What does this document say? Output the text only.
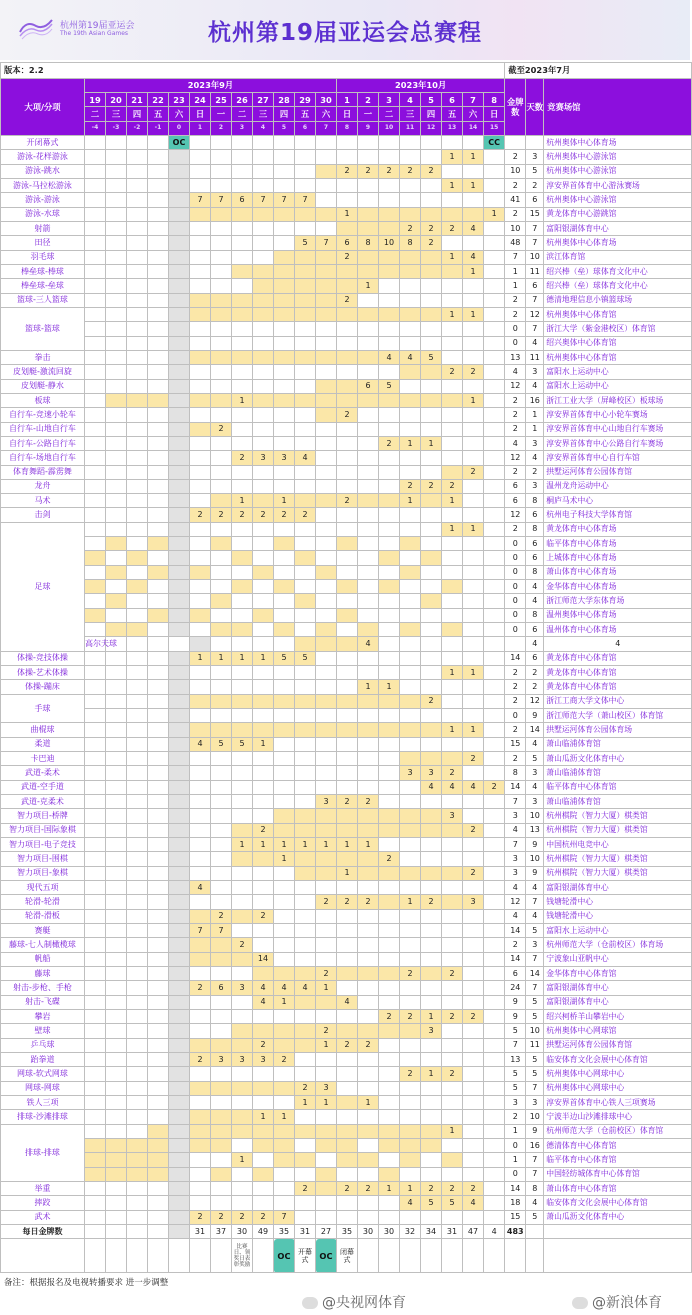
杭州第19届亚运会
The 19th Asian Games	杭州第19届亚运会总赛程
版本：2.2																					截至2023年7月			
大项/分项	2023年9月												2023年10月								金牌数	天数	竞赛场馆	
	19	20	21	22	23	24	25	26	27	28	29	30	1	2	3	4	5	6	7	8				
	二	三	四	五	六	日	一	二	三	四	五	六	日	一	二	三	四	五	六	日				
	-4	-3	-2	-1	0	1	2	3	4	5	6	7	8	9	10	11	12	13	14	15				
开闭幕式					OC															CC			杭州奥体中心体育场	
游泳-花样游泳																		1	1		2	3	杭州奥体中心游泳馆	
游泳-跳水													2	2	2	2	2				10	5	杭州奥体中心游泳馆	
游泳-马拉松游泳																		1	1		2	2	淳安界首体育中心游泳赛场	
游泳-游泳						7	7	6	7	7	7										41	6	杭州奥体中心游泳馆	
游泳-水球													1							1	2	15	黄龙体育中心游跳馆	
射箭																2	2	2	4		10	7	富阳银湖体育中心	
田径											5	7	6	8	10	8	2				48	7	杭州奥体中心体育场	
羽毛球													2					1	4		7	10	滨江体育馆	
棒垒球-棒球																			1		1	11	绍兴棒（垒）球体育文化中心	
棒垒球-垒球														1							1	6	绍兴棒（垒）球体育文化中心	
篮球-三人篮球													2								2	7	德清地理信息小镇篮球场	
篮球-篮球																		1	1		2	12	杭州奥体中心体育馆	
																					0	7	浙江大学（紫金港校区）体育馆	
																					0	4	绍兴奥体中心体育馆	
拳击															4	4	5				13	11	杭州奥体中心体育馆	
皮划艇-激流回旋																		2	2		4	3	富阳水上运动中心	
皮划艇-静水														6	5						12	4	富阳水上运动中心	
板球								1											1		2	16	浙江工业大学（屏峰校区）板球场	
自行车-竞速小轮车													2								2	1	淳安界首体育中心小轮车赛场	
自行车-山地自行车							2														2	1	淳安界首体育中心山地自行车赛场	
自行车-公路自行车															2	1	1				4	3	淳安界首体育中心公路自行车赛场	
自行车-场地自行车								2	3	3	4										12	4	淳安界首体育中心自行车馆	
体育舞蹈-霹雳舞																			2		2	2	拱墅运河体育公园体育馆	
龙舟																2	2	2			6	3	温州龙舟运动中心	
马术								1		1			2			1		1			6	8	桐庐马术中心	
击剑						2	2	2	2	2	2										12	6	杭州电子科技大学体育馆	
足球																		1	1		2	8	黄龙体育中心体育场	
																					0	6	临平体育中心体育场	
																					0	6	上城体育中心体育场	
																					0	8	萧山体育中心体育场	
																					0	4	金华体育中心体育场	
																					0	4	浙江师范大学东体育场	
																					0	8	温州奥体中心体育场	
																					0	6	温州体育中心体育场	
	高尔夫球													4								4	4	
体操-竞技体操						1	1	1	1	5	5										14	6	黄龙体育中心体育馆	
体操-艺术体操																		1	1		2	2	黄龙体育中心体育馆	
体操-蹦床														1	1						2	2	黄龙体育中心体育馆	
手球																	2				2	12	浙江工商大学文体中心	
																					0	9	浙江师范大学（萧山校区）体育馆	
曲棍球																		1	1		2	14	拱墅运河体育公园体育场	
柔道						4	5	5	1												15	4	萧山临浦体育馆	
卡巴迪																			2		2	5	萧山瓜沥文化体育中心	
武道-柔术																3	3	2			8	3	萧山临浦体育馆	
武道-空手道																	4	4	4	2	14	4	临平体育中心体育馆	
武道-克柔术												3	2	2							7	3	萧山临浦体育馆	
智力项目-桥牌																		3			3	10	杭州棋院（智力大厦）棋类馆	
智力项目-国际象棋									2										2		4	13	杭州棋院（智力大厦）棋类馆	
智力项目-电子竞技								1	1	1	1	1	1	1							7	9	中国杭州电竞中心	
智力项目-围棋										1					2						3	10	杭州棋院（智力大厦）棋类馆	
智力项目-象棋													1						2		3	9	杭州棋院（智力大厦）棋类馆	
现代五项						4															4	4	富阳银湖体育中心	
轮滑-轮滑												2	2	2		1	2		3		12	7	钱塘轮滑中心	
轮滑-滑板							2		2												4	4	钱塘轮滑中心	
赛艇						7	7														14	5	富阳水上运动中心	
藤球-七人制橄榄球								2													2	3	杭州师范大学（仓前校区）体育场	
帆船									14												14	7	宁波象山亚帆中心	
藤球												2				2		2			6	14	金华体育中心体育馆	
射击-步枪、手枪						2	6	3	4	4	4	1									24	7	富阳银湖体育中心	
射击-飞碟									4	1			4								9	5	富阳银湖体育中心	
攀岩															2	2	1	2	2		9	5	绍兴柯桥羊山攀岩中心	
壁球												2					3				5	10	杭州奥体中心网球馆	
乒乓球									2			1	2	2							7	11	拱墅运河体育公园体育馆	
跆拳道						2	3	3	3	2											13	5	临安体育文化会展中心体育馆	
网球-软式网球																2	1	2			5	5	杭州奥体中心网球中心	
网球-网球											2	3									5	7	杭州奥体中心网球中心	
铁人三项											1	1		1							3	3	淳安界首体育中心铁人三项赛场	
排球-沙滩排球									1	1											2	10	宁波半边山沙滩排球中心	
排球-排球																		1			1	9	杭州师范大学（仓前校区）体育馆	
																					0	16	德清体育中心体育馆	
								1													1	7	临平体育中心体育馆	
																					0	7	中国轻纺城体育中心体育馆	
举重											2		2	2	1	1	2	2	2		14	8	萧山体育中心体育馆	
摔跤																4	5	5	4		18	4	临安体育文化会展中心体育馆	
武术						2	2	2	2	7											15	5	萧山瓜沥文化体育中心	
每日金牌数						31	37	30	49	35	31	27	35	30	30	32	34	31	47	4	483			
								比赛日、领奖日表彰奖励		OC	开幕式	OC	闭幕式											
备注：根据报名及电视转播要求 进一步调整
@央视网体育	@新浪体育
